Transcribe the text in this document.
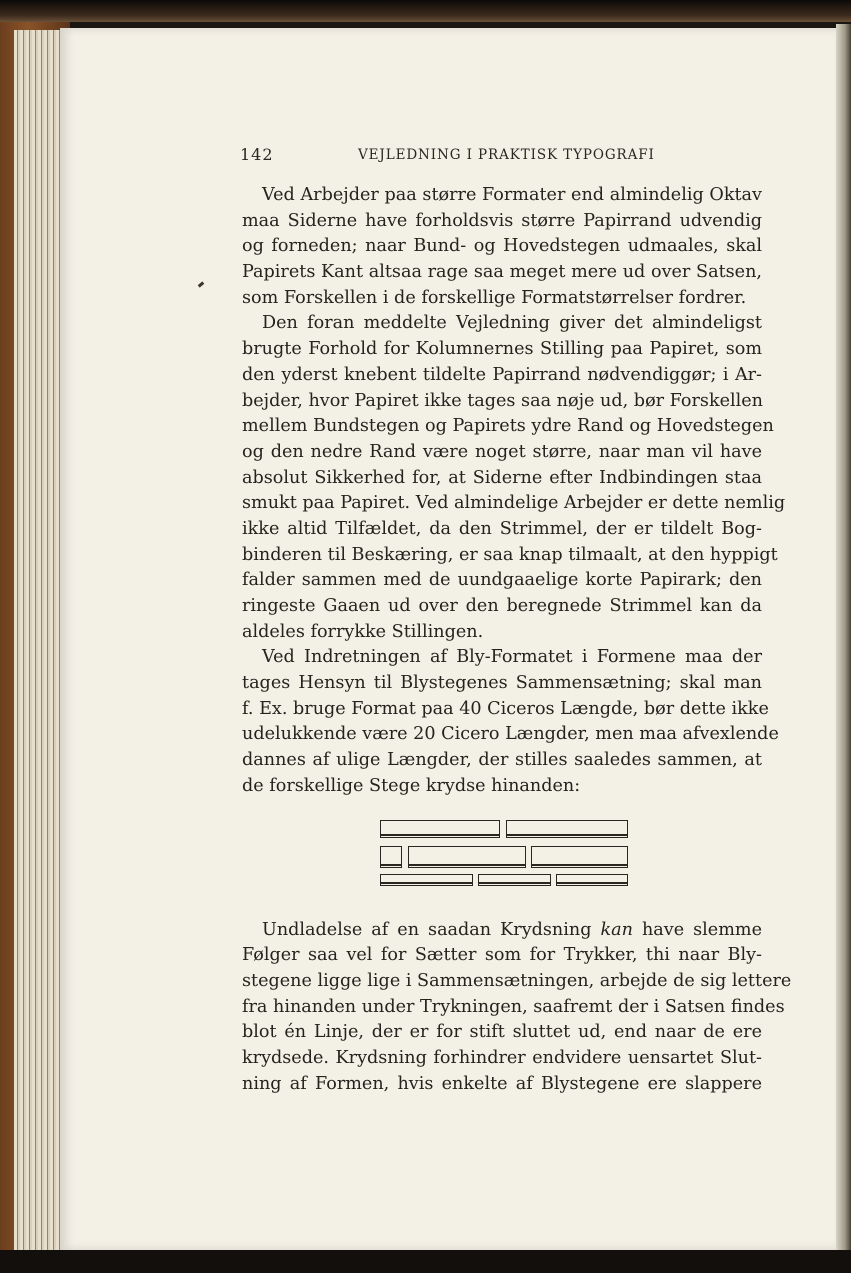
142	VEJLEDNING I PRAKTISK TYPOGRAFI
Ved Arbejder paa større Formater end almindelig Oktav
maa Siderne have forholdsvis større Papirrand udvendig
og forneden; naar Bund- og Hovedstegen udmaales, skal
Papirets Kant altsaa rage saa meget mere ud over Satsen,
som Forskellen i de forskellige Formatstørrelser fordrer.
Den foran meddelte Vejledning giver det almindeligst
brugte Forhold for Kolumnernes Stilling paa Papiret, som
den yderst knebent tildelte Papirrand nødvendiggør; i Ar-
bejder, hvor Papiret ikke tages saa nøje ud, bør Forskellen
mellem Bundstegen og Papirets ydre Rand og Hovedstegen
og den nedre Rand være noget større, naar man vil have
absolut Sikkerhed for, at Siderne efter Indbindingen staa
smukt paa Papiret. Ved almindelige Arbejder er dette nemlig
ikke altid Tilfældet, da den Strimmel, der er tildelt Bog-
binderen til Beskæring, er saa knap tilmaalt, at den hyppigt
falder sammen med de uundgaaelige korte Papirark; den
ringeste Gaaen ud over den beregnede Strimmel kan da
aldeles forrykke Stillingen.
Ved Indretningen af Bly-Formatet i Formene maa der
tages Hensyn til Blystegenes Sammensætning; skal man
f. Ex. bruge Format paa 40 Ciceros Længde, bør dette ikke
udelukkende være 20 Cicero Længder, men maa afvexlende
dannes af ulige Længder, der stilles saaledes sammen, at
de forskellige Stege krydse hinanden:
Undladelse af en saadan Krydsning kan have slemme
Følger saa vel for Sætter som for Trykker, thi naar Bly-
stegene ligge lige i Sammensætningen, arbejde de sig lettere
fra hinanden under Trykningen, saafremt der i Satsen findes
blot én Linje, der er for stift sluttet ud, end naar de ere
krydsede. Krydsning forhindrer endvidere uensartet Slut-
ning af Formen, hvis enkelte af Blystegene ere slappere
